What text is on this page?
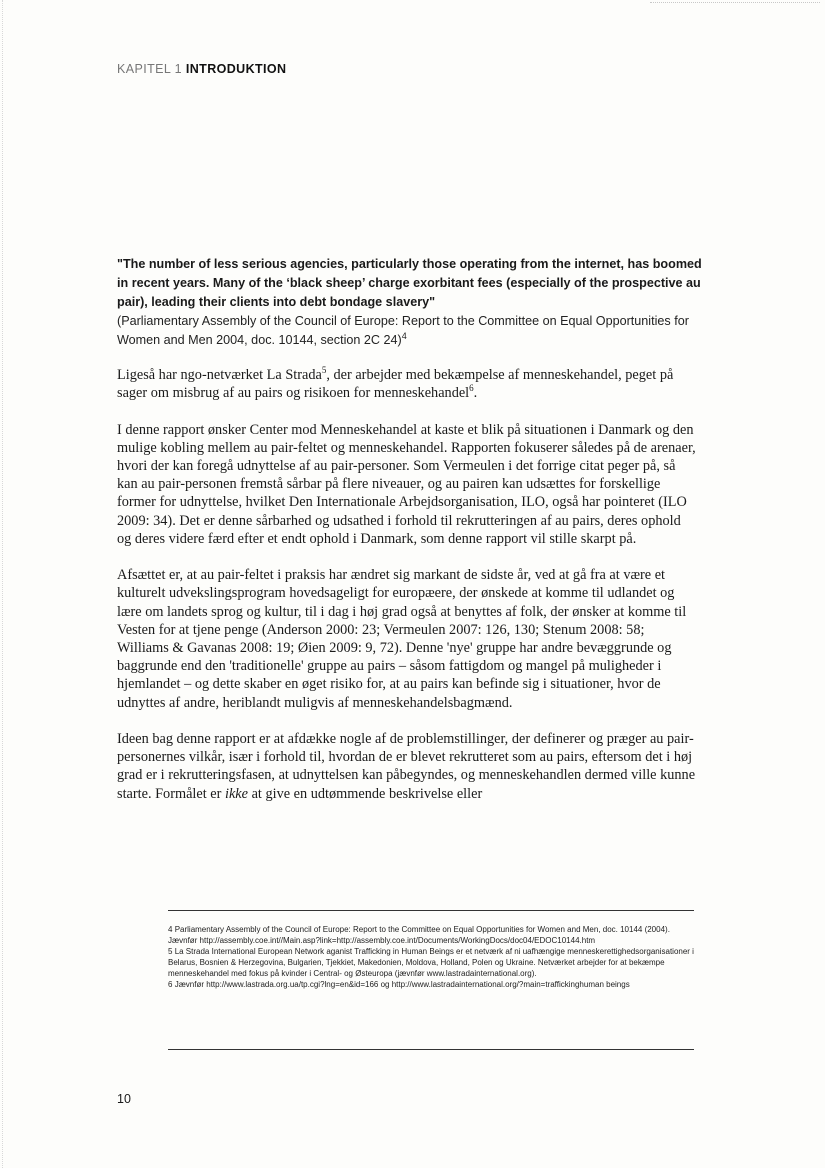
KAPITEL 1 INTRODUKTION
"The number of less serious agencies, particularly those operating from the internet, has boomed in recent years. Many of the ‘black sheep’ charge exorbitant fees (especially of the prospective au pair), leading their clients into debt bondage slavery"
(Parliamentary Assembly of the Council of Europe: Report to the Committee on Equal Opportunities for Women and Men 2004, doc. 10144, section 2C 24)$^4$

Ligeså har ngo-netværket La Strada$^5$, der arbejder med bekæmpelse af menneskehandel, peget på sager om misbrug af au pairs og risikoen for menneskehandel$^6$.

I denne rapport ønsker Center mod Menneskehandel at kaste et blik på situationen i Danmark og den mulige kobling mellem au pair-feltet og menneskehandel. Rapporten fokuserer således på de arenaer, hvori der kan foregå udnyttelse af au pair-personer. Som Vermeulen i det forrige citat peger på, så kan au pair-personen fremstå sårbar på flere niveauer, og au pairen kan udsættes for forskellige former for udnyttelse, hvilket Den Internationale Arbejdsorganisation, ILO, også har pointeret (ILO 2009: 34). Det er denne sårbarhed og udsathed i forhold til rekrutteringen af au pairs, deres ophold og deres videre færd efter et endt ophold i Danmark, som denne rapport vil stille skarpt på.

Afsættet er, at au pair-feltet i praksis har ændret sig markant de sidste år, ved at gå fra at være et kulturelt udvekslingsprogram hovedsageligt for europæere, der ønskede at komme til udlandet og lære om landets sprog og kultur, til i dag i høj grad også at benyttes af folk, der ønsker at komme til Vesten for at tjene penge (Anderson 2000: 23; Vermeulen 2007: 126, 130; Stenum 2008: 58; Williams & Gavanas 2008: 19; Øien 2009: 9, 72). Denne 'nye' gruppe har andre bevæggrunde og baggrunde end den 'traditionelle' gruppe au pairs – såsom fattigdom og mangel på muligheder i hjemlandet – og dette skaber en øget risiko for, at au pairs kan befinde sig i situationer, hvor de udnyttes af andre, heriblandt muligvis af menneskehandelsbagmænd.

Ideen bag denne rapport er at afdække nogle af de problemstillinger, der definerer og præger au pair-personernes vilkår, især i forhold til, hvordan de er blevet rekrutteret som au pairs, eftersom det i høj grad er i rekrutteringsfasen, at udnyttelsen kan påbegyndes, og menneskehandlen dermed ville kunne starte. Formålet er ikke at give en udtømmende beskrivelse eller

4 Parliamentary Assembly of the Council of Europe: Report to the Committee on Equal Opportunities for Women and Men, doc. 10144 (2004). Jævnfør http://assembly.coe.int//Main.asp?link=http://assembly.coe.int/Documents/WorkingDocs/doc04/EDOC10144.htm

5 La Strada International European Network aganist Trafficking in Human Beings er et netværk af ni uafhængige menneskerettighedsorganisationer i Belarus, Bosnien & Herzegovina, Bulgarien, Tjekkiet, Makedonien, Moldova, Holland, Polen og Ukraine. Netværket arbejder for at bekæmpe menneskehandel med fokus på kvinder i Central- og Østeuropa (jævnfør www.lastradainternational.org).

6 Jævnfør http://www.lastrada.org.ua/tp.cgi?lng=en&id=166 og http://www.lastradainternational.org/?main=traffickinghuman beings

10
